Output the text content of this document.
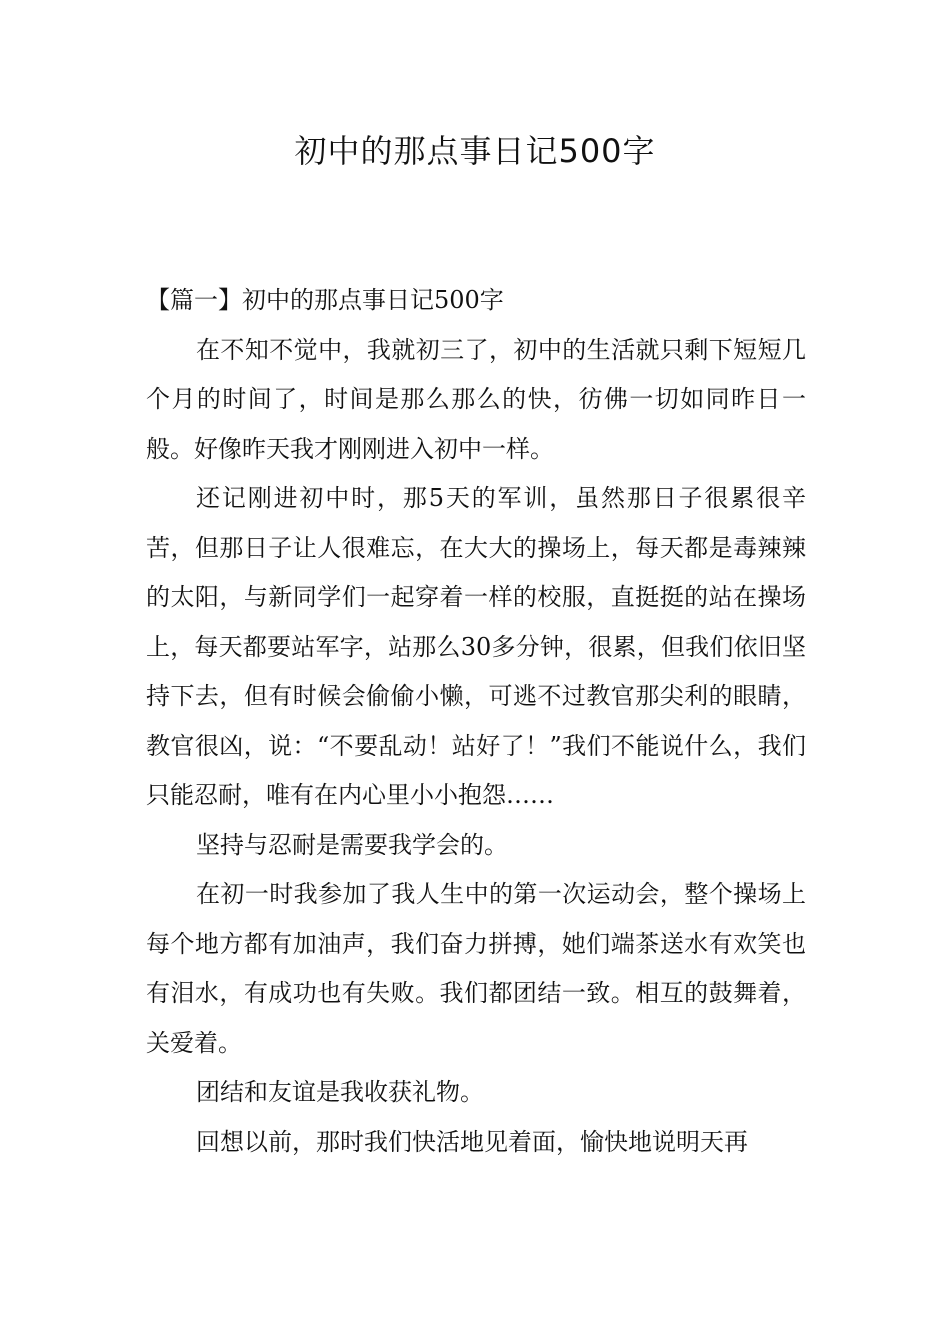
初中的那点事日记500字

【篇一】初中的那点事日记500字

在不知不觉中，我就初三了，初中的生活就只剩下短短几个月的时间了，时间是那么那么的快，彷佛一切如同昨日一般。好像昨天我才刚刚进入初中一样。

还记刚进初中时，那5天的军训，虽然那日子很累很辛苦，但那日子让人很难忘，在大大的操场上，每天都是毒辣辣的太阳，与新同学们一起穿着一样的校服，直挺挺的站在操场上，每天都要站军字，站那么30多分钟，很累，但我们依旧坚持下去，但有时候会偷偷小懒，可逃不过教官那尖利的眼睛，教官很凶，说：“不要乱动！站好了！”我们不能说什么，我们只能忍耐，唯有在内心里小小抱怨……

坚持与忍耐是需要我学会的。

在初一时我参加了我人生中的第一次运动会，整个操场上每个地方都有加油声，我们奋力拼搏，她们端茶送水有欢笑也有泪水，有成功也有失败。我们都团结一致。相互的鼓舞着，关爱着。

团结和友谊是我收获礼物。

回想以前，那时我们快活地见着面，愉快地说明天再
